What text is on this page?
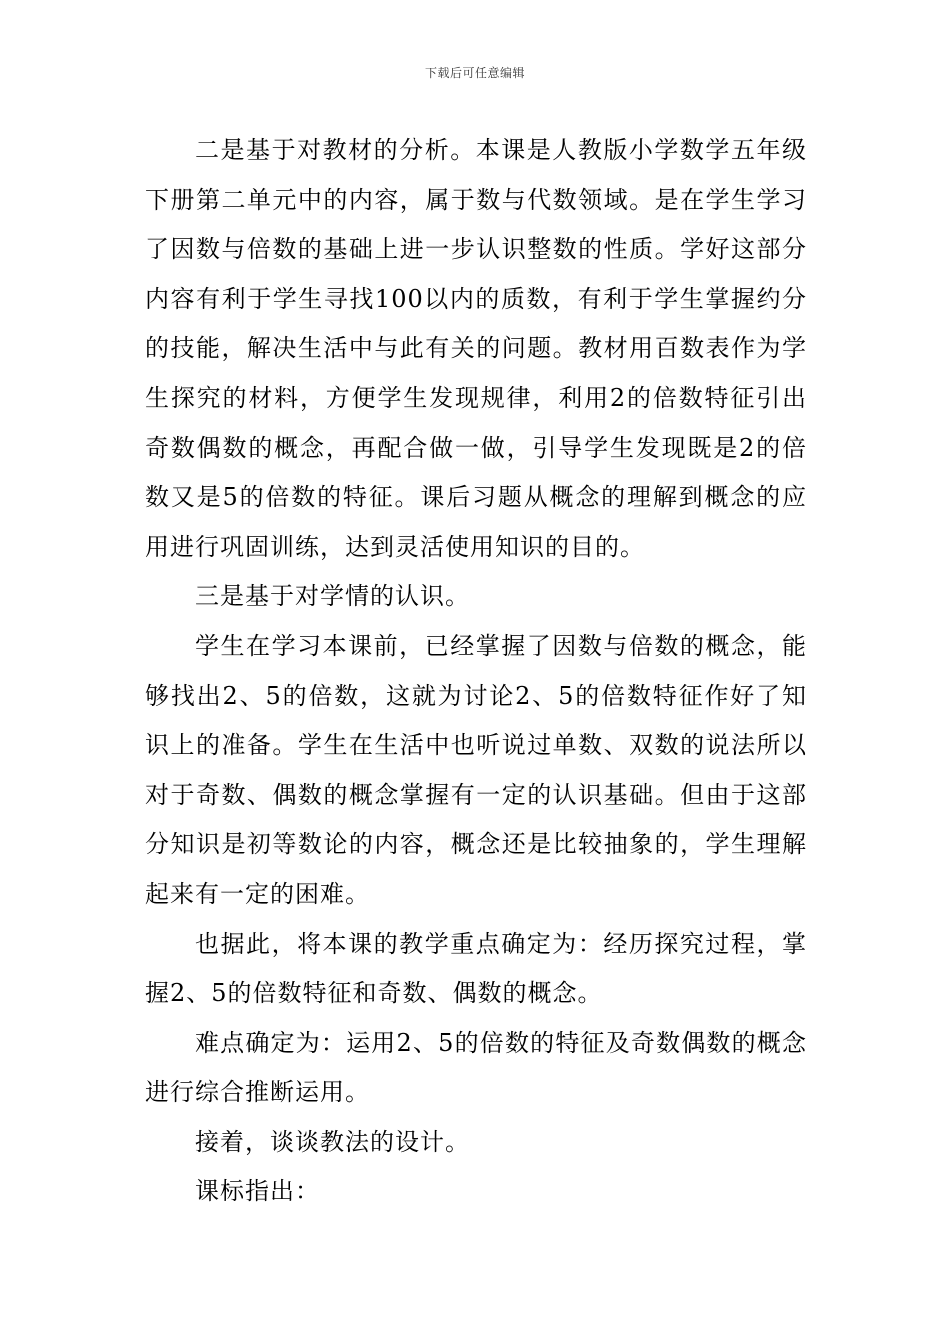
下载后可任意编辑

二是基于对教材的分析。本课是人教版小学数学五年级下册第二单元中的内容，属于数与代数领域。是在学生学习了因数与倍数的基础上进一步认识整数的性质。学好这部分内容有利于学生寻找100以内的质数，有利于学生掌握约分的技能，解决生活中与此有关的问题。教材用百数表作为学生探究的材料，方便学生发现规律，利用2的倍数特征引出奇数偶数的概念，再配合做一做，引导学生发现既是2的倍数又是5的倍数的特征。课后习题从概念的理解到概念的应用进行巩固训练，达到灵活使用知识的目的。

三是基于对学情的认识。

学生在学习本课前，已经掌握了因数与倍数的概念，能够找出2、5的倍数，这就为讨论2、5的倍数特征作好了知识上的准备。学生在生活中也听说过单数、双数的说法所以对于奇数、偶数的概念掌握有一定的认识基础。但由于这部分知识是初等数论的内容，概念还是比较抽象的，学生理解起来有一定的困难。

也据此，将本课的教学重点确定为：经历探究过程，掌握2、5的倍数特征和奇数、偶数的概念。

难点确定为：运用2、5的倍数的特征及奇数偶数的概念进行综合推断运用。

接着，谈谈教法的设计。

课标指出：
